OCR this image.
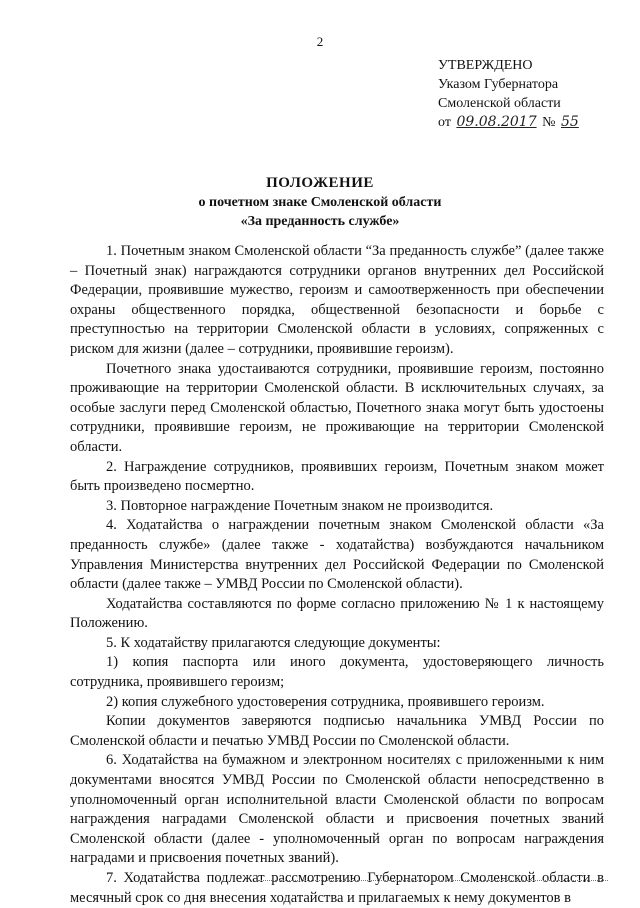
2
УТВЕРЖДЕНО
Указом Губернатора
Смоленской области
от 09.08.2017 № 55
ПОЛОЖЕНИЕ
о почетном знаке Смоленской области
«За преданность службе»

1. Почетным знаком Смоленской области “За преданность службе” (далее также – Почетный знак) награждаются сотрудники органов внутренних дел Российской Федерации, проявившие мужество, героизм и самоотверженность при обеспечении охраны общественного порядка, общественной безопасности и борьбе с преступностью на территории Смоленской области в условиях, сопряженных с риском для жизни (далее – сотрудники, проявившие героизм).

Почетного знака удостаиваются сотрудники, проявившие героизм, постоянно проживающие на территории Смоленской области. В исключительных случаях, за особые заслуги перед Смоленской областью, Почетного знака могут быть удостоены сотрудники, проявившие героизм, не проживающие на территории Смоленской области.

2. Награждение сотрудников, проявивших героизм, Почетным знаком может быть произведено посмертно.

3. Повторное награждение Почетным знаком не производится.

4. Ходатайства о награждении почетным знаком Смоленской области «За преданность службе» (далее также - ходатайства) возбуждаются начальником Управления Министерства внутренних дел Российской Федерации по Смоленской области (далее также – УМВД России по Смоленской области).

Ходатайства составляются по форме согласно приложению № 1 к настоящему Положению.

5. К ходатайству прилагаются следующие документы:

1) копия паспорта или иного документа, удостоверяющего личность сотрудника, проявившего героизм;

2) копия служебного удостоверения сотрудника, проявившего героизм.

Копии документов заверяются подписью начальника УМВД России по Смоленской области и печатью УМВД России по Смоленской области.

6. Ходатайства на бумажном и электронном носителях с приложенными к ним документами вносятся УМВД России по Смоленской области непосредственно в уполномоченный орган исполнительной власти Смоленской области по вопросам награждения наградами Смоленской области и присвоения почетных званий Смоленской области (далее - уполномоченный орган по вопросам награждения наградами и присвоения почетных званий).

7. Ходатайства подлежат рассмотрению Губернатором Смоленской области в месячный срок со дня внесения ходатайства и прилагаемых к нему документов в
